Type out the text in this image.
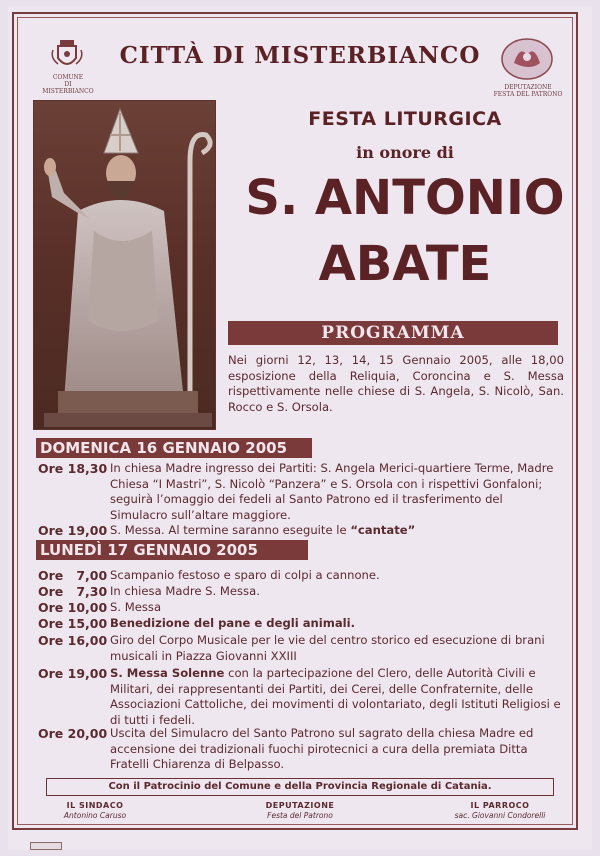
COMUNE
DI MISTERBIANCO
CITTÀ DI MISTERBIANCO
DEPUTAZIONE
FESTA DEL PATRONO
FESTA LITURGICA
in onore di
S. ANTONIO
ABATE
PROGRAMMA
Nei giorni 12, 13, 14, 15 Gennaio 2005, alle 18,00 esposizione della Reliquia, Coroncina e S. Messa rispettivamente nelle chiese di S. Angela, S. Nicolò, San. Rocco e S. Orsola.
DOMENICA 16 GENNAIO 2005
Ore 18,30 In chiesa Madre ingresso dei Partiti: S. Angela Merici-quartiere Terme, Madre Chiesa “I Mastri”, S. Nicolò “Panzera” e S. Orsola con i rispettivi Gonfaloni; seguirà l’omaggio dei fedeli al Santo Patrono ed il trasferimento del Simulacro sull’altare maggiore.
Ore 19,00 S. Messa. Al termine saranno eseguite le “cantate”
LUNEDÌ 17 GENNAIO 2005
Ore   7,00 Scampanio festoso e sparo di colpi a cannone.
Ore   7,30 In chiesa Madre S. Messa.
Ore 10,00 S. Messa
Ore 15,00 Benedizione del pane e degli animali.
Ore 16,00 Giro del Corpo Musicale per le vie del centro storico ed esecuzione di brani musicali in Piazza Giovanni XXIII
Ore 19,00 S. Messa Solenne con la partecipazione del Clero, delle Autorità Civili e Militari, dei rappresentanti dei Partiti, dei Cerei, delle Confraternite, delle Associazioni Cattoliche, dei movimenti di volontariato, degli Istituti Religiosi e di tutti i fedeli.
Ore 20,00 Uscita del Simulacro del Santo Patrono sul sagrato della chiesa Madre ed accensione dei tradizionali fuochi pirotecnici a cura della premiata Ditta Fratelli Chiarenza di Belpasso.
Con il Patrocinio del Comune e della Provincia Regionale di Catania.
IL SINDACO
Antonino Caruso
DEPUTAZIONE
Festa del Patrono
IL PARROCO
sac. Giovanni Condorelli
